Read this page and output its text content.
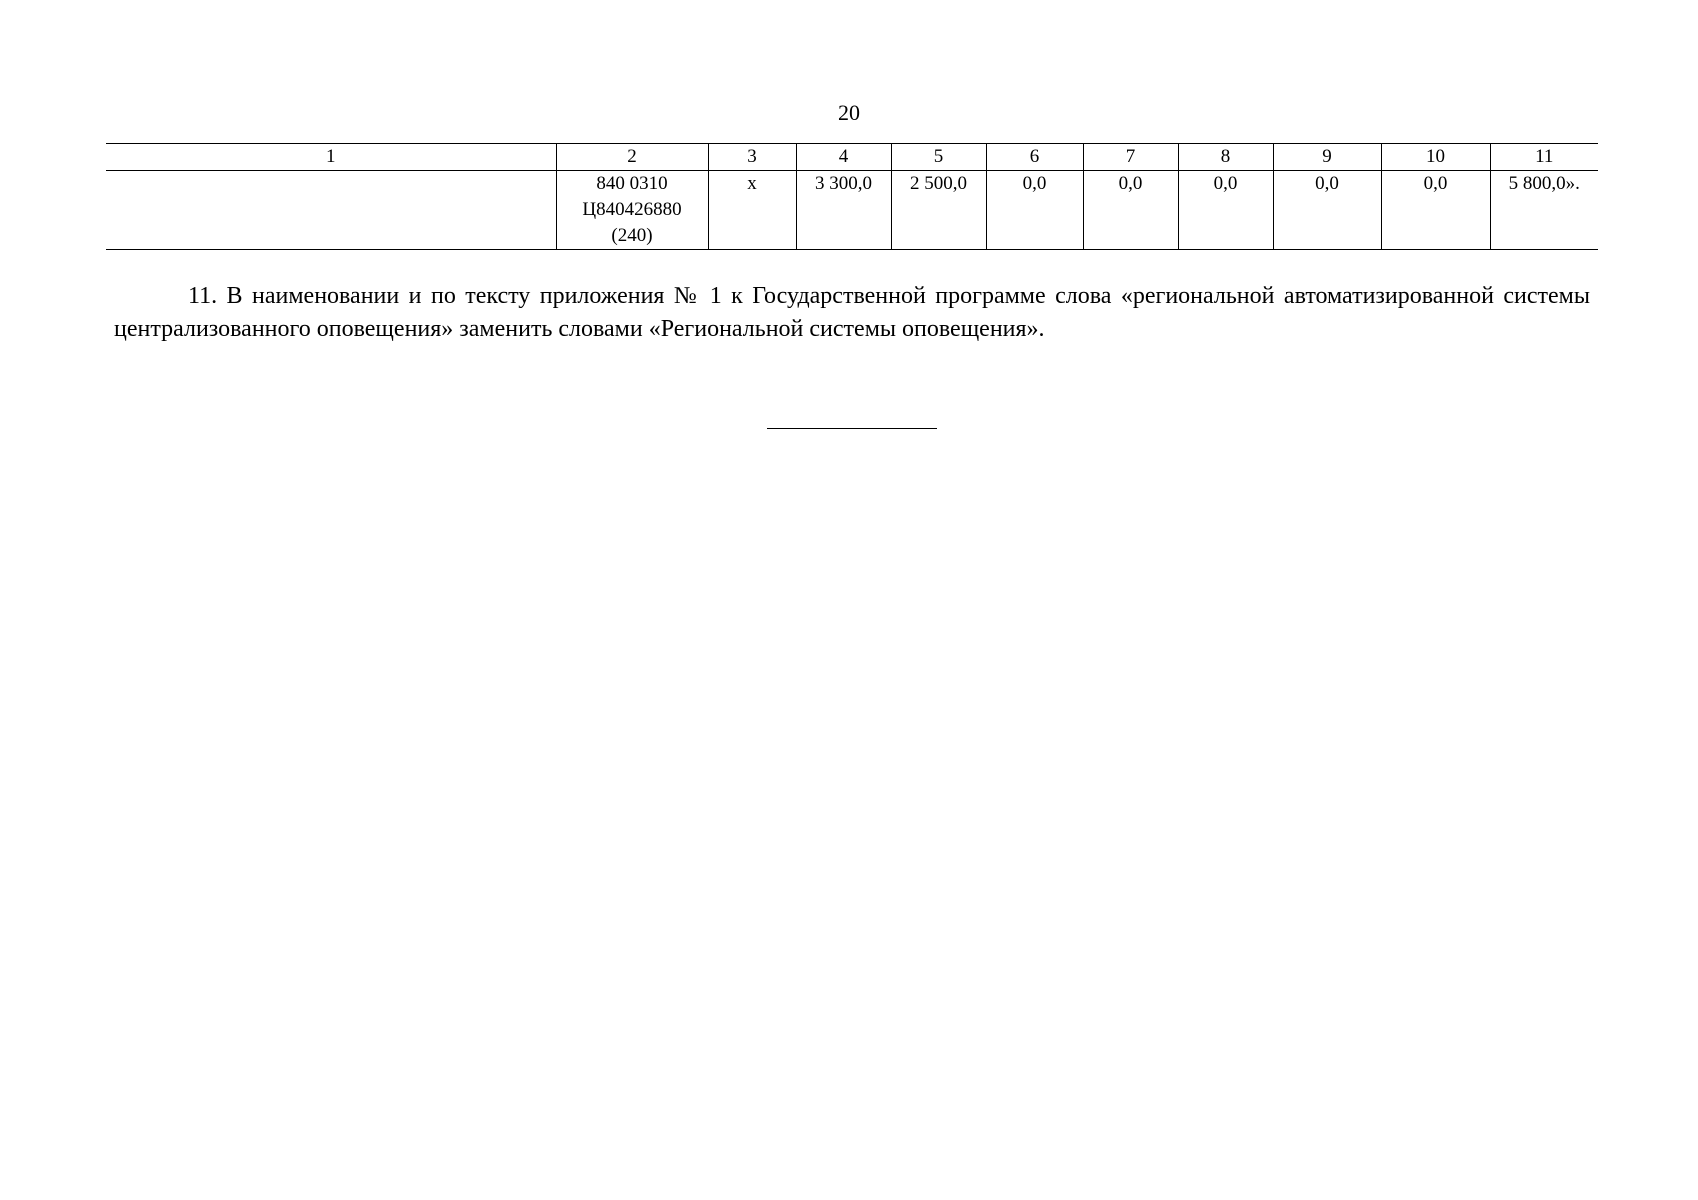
20
1	2	3	4	5	6	7	8	9	10	11

	840 0310
Ц840426880
(240)	х	3 300,0	2 500,0	0,0	0,0	0,0	0,0	0,0	5 800,0».

11. В наименовании и по тексту приложения № 1 к Государственной программе слова «региональной автоматизированной системы централизованного оповещения» заменить словами «Региональной системы оповещения».
